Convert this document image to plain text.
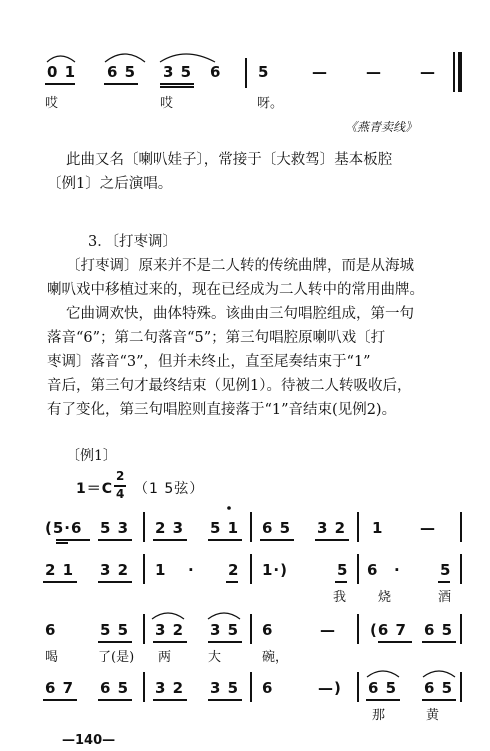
0 1 6 5 3 5 6 5	—	—	—
哎	哎	呀。
《燕青卖线》
此曲又名〔喇叭娃子〕，常接于〔大救驾〕基本板腔
〔例1〕之后演唱。
3．〔打枣调〕
〔打枣调〕原来并不是二人转的传统曲牌，而是从海城
喇叭戏中移植过来的，现在已经成为二人转中的常用曲牌。
它曲调欢快，曲体特殊。该曲由三句唱腔组成，第一句
落音“6”；第二句落音“5”；第三句唱腔原喇叭戏〔打
枣调〕落音“3”，但并未终止，直至尾奏结束于“1”
音后，第三句才最终结束（见例1）。待被二人转吸收后，
有了变化，第三句唱腔则直接落于“1”音结束(见例2)。
〔例1〕
1＝C
2
4 （1 5弦）
(5·6 5 3 2 3 5 1 6 5 3 2 1 —
2 1 3 2 1 · 2 1·)	5 6 ·	5
我 烧	酒
6	5 5 3 2 3 5 6	— (6 7 6 5
喝	了(是) 两	大	碗，
6 7 6 5 3 2 3 5 6	—) 6 5 6 5
那	黄
—140—
